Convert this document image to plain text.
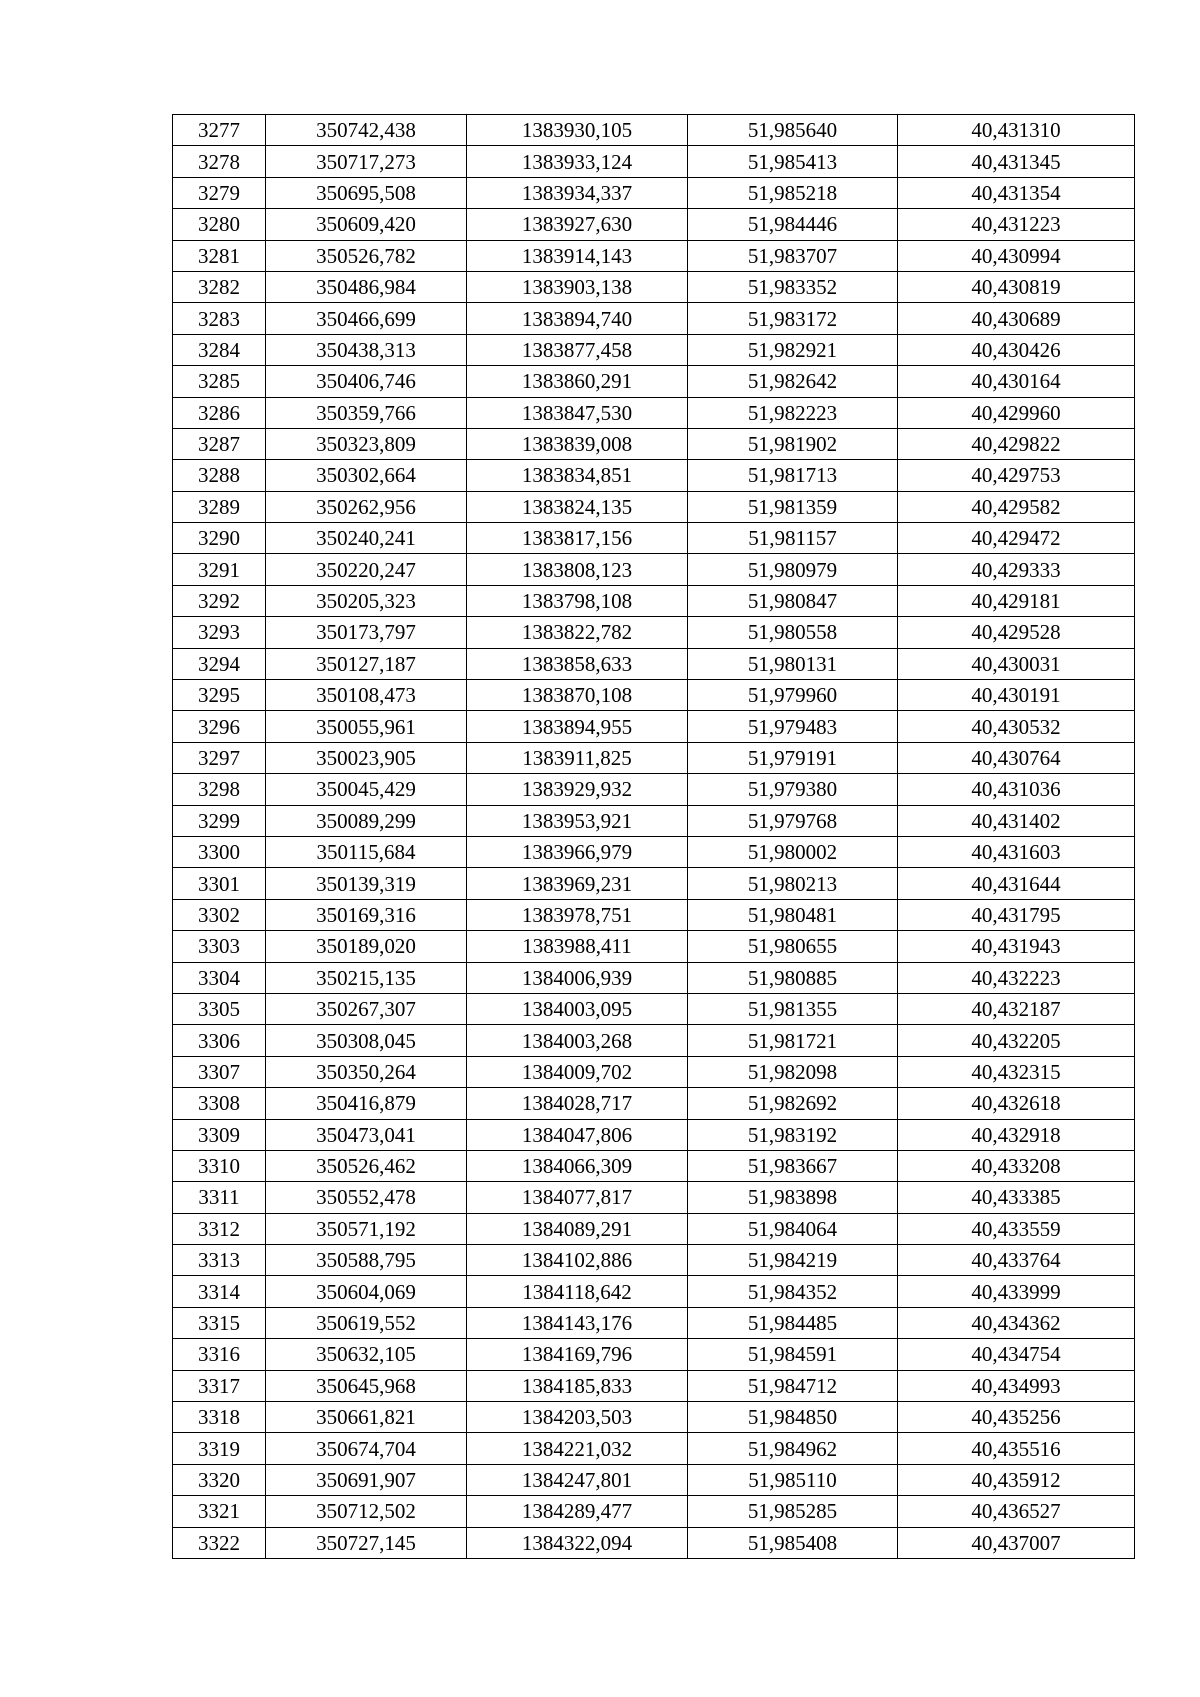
3277	350742,438	1383930,105	51,985640	40,431310
3278	350717,273	1383933,124	51,985413	40,431345
3279	350695,508	1383934,337	51,985218	40,431354
3280	350609,420	1383927,630	51,984446	40,431223
3281	350526,782	1383914,143	51,983707	40,430994
3282	350486,984	1383903,138	51,983352	40,430819
3283	350466,699	1383894,740	51,983172	40,430689
3284	350438,313	1383877,458	51,982921	40,430426
3285	350406,746	1383860,291	51,982642	40,430164
3286	350359,766	1383847,530	51,982223	40,429960
3287	350323,809	1383839,008	51,981902	40,429822
3288	350302,664	1383834,851	51,981713	40,429753
3289	350262,956	1383824,135	51,981359	40,429582
3290	350240,241	1383817,156	51,981157	40,429472
3291	350220,247	1383808,123	51,980979	40,429333
3292	350205,323	1383798,108	51,980847	40,429181
3293	350173,797	1383822,782	51,980558	40,429528
3294	350127,187	1383858,633	51,980131	40,430031
3295	350108,473	1383870,108	51,979960	40,430191
3296	350055,961	1383894,955	51,979483	40,430532
3297	350023,905	1383911,825	51,979191	40,430764
3298	350045,429	1383929,932	51,979380	40,431036
3299	350089,299	1383953,921	51,979768	40,431402
3300	350115,684	1383966,979	51,980002	40,431603
3301	350139,319	1383969,231	51,980213	40,431644
3302	350169,316	1383978,751	51,980481	40,431795
3303	350189,020	1383988,411	51,980655	40,431943
3304	350215,135	1384006,939	51,980885	40,432223
3305	350267,307	1384003,095	51,981355	40,432187
3306	350308,045	1384003,268	51,981721	40,432205
3307	350350,264	1384009,702	51,982098	40,432315
3308	350416,879	1384028,717	51,982692	40,432618
3309	350473,041	1384047,806	51,983192	40,432918
3310	350526,462	1384066,309	51,983667	40,433208
3311	350552,478	1384077,817	51,983898	40,433385
3312	350571,192	1384089,291	51,984064	40,433559
3313	350588,795	1384102,886	51,984219	40,433764
3314	350604,069	1384118,642	51,984352	40,433999
3315	350619,552	1384143,176	51,984485	40,434362
3316	350632,105	1384169,796	51,984591	40,434754
3317	350645,968	1384185,833	51,984712	40,434993
3318	350661,821	1384203,503	51,984850	40,435256
3319	350674,704	1384221,032	51,984962	40,435516
3320	350691,907	1384247,801	51,985110	40,435912
3321	350712,502	1384289,477	51,985285	40,436527
3322	350727,145	1384322,094	51,985408	40,437007
